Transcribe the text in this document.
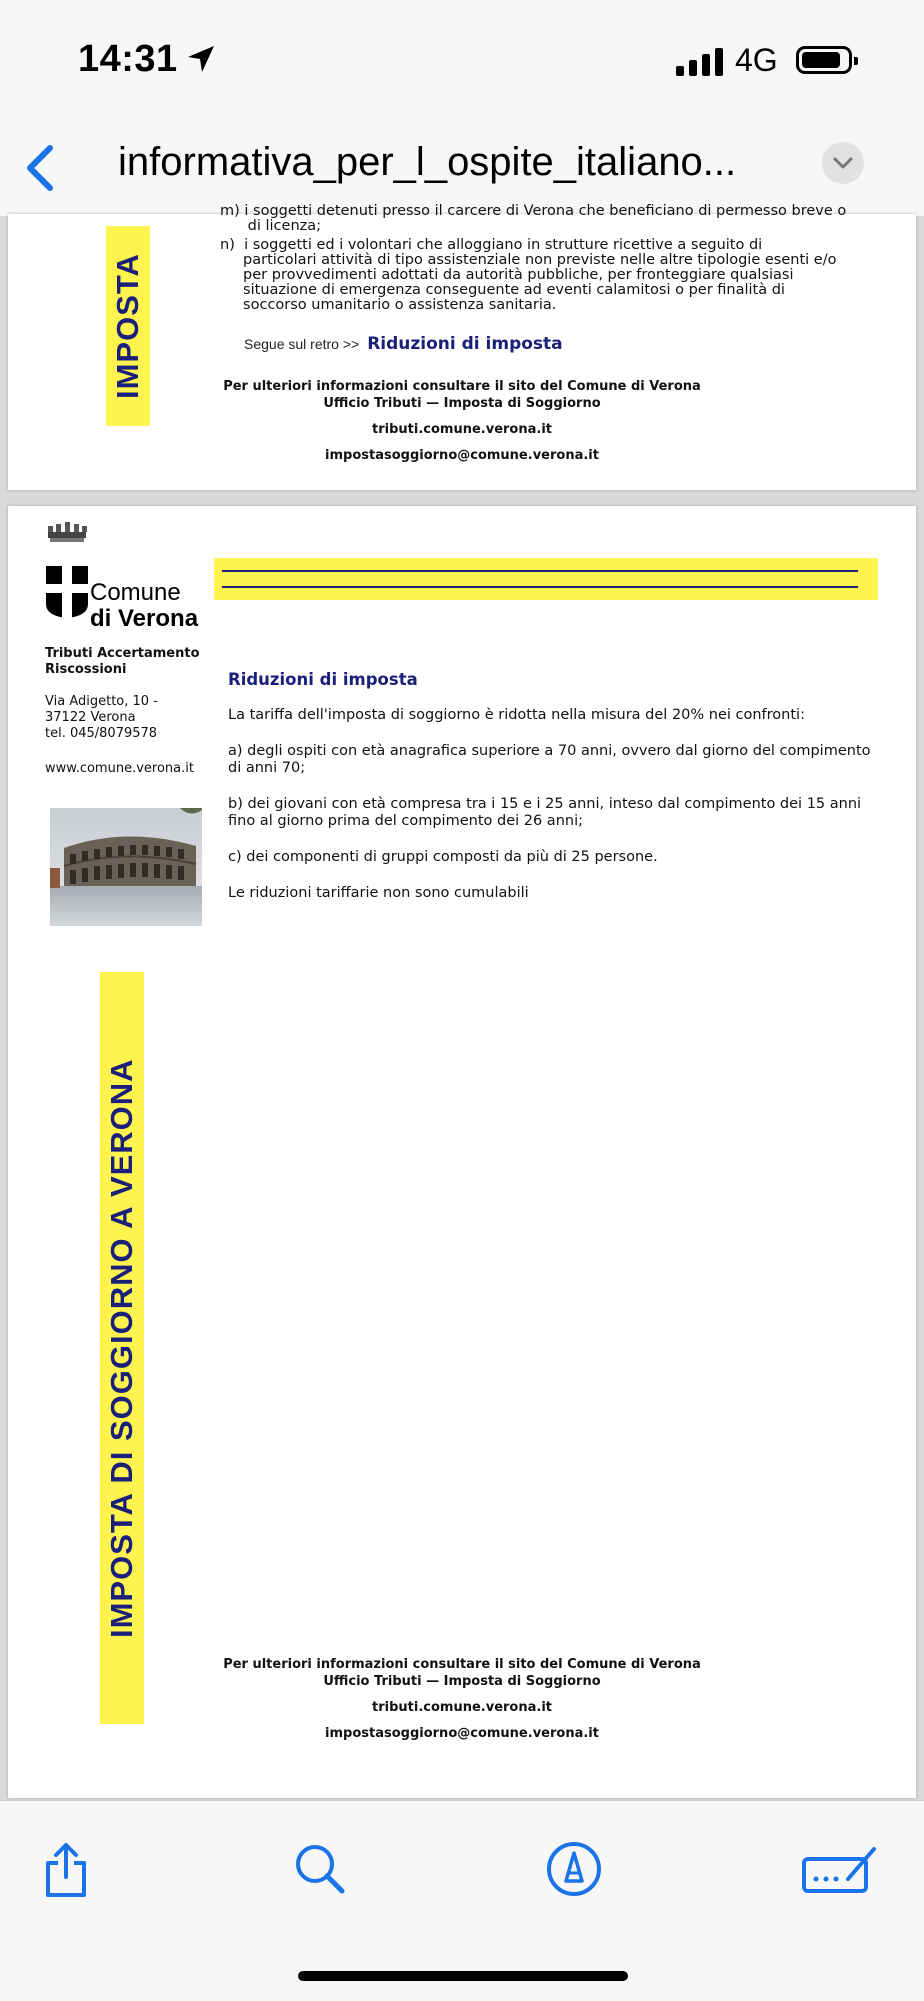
14:31	4G
informativa_per_l_ospite_italiano...
IMPOSTA
m) i soggetti detenuti presso il carcere di Verona che beneficiano di permesso breve o
di licenza;
n)  i soggetti ed i volontari che alloggiano in strutture ricettive a seguito di
particolari attività di tipo assistenziale non previste nelle altre tipologie esenti e/o
per provvedimenti adottati da autorità pubbliche, per fronteggiare qualsiasi
situazione di emergenza conseguente ad eventi calamitosi o per finalità di
soccorso umanitario o assistenza sanitaria.
Segue sul retro >> Riduzioni di imposta
Per ulteriori informazioni consultare il sito del Comune di Verona
Ufficio Tributi — Imposta di Soggiorno
tributi.comune.verona.it
impostasoggiorno@comune.verona.it
Comune
di Verona
Tributi Accertamento
Riscossioni
Via Adigetto, 10 -
37122 Verona
tel. 045/8079578
www.comune.verona.it
IMPOSTA DI SOGGIORNO A VERONA
Riduzioni di imposta

La tariffa dell'imposta di soggiorno è ridotta nella misura del 20% nei confronti:

a) degli ospiti con età anagrafica superiore a 70 anni, ovvero dal giorno del compimento di anni 70;

b) dei giovani con età compresa tra i 15 e i 25 anni, inteso dal compimento dei 15 anni fino al giorno prima del compimento dei 26 anni;

c) dei componenti di gruppi composti da più di 25 persone.

Le riduzioni tariffarie non sono cumulabili

Per ulteriori informazioni consultare il sito del Comune di Verona
Ufficio Tributi — Imposta di Soggiorno
tributi.comune.verona.it
impostasoggiorno@comune.verona.it
